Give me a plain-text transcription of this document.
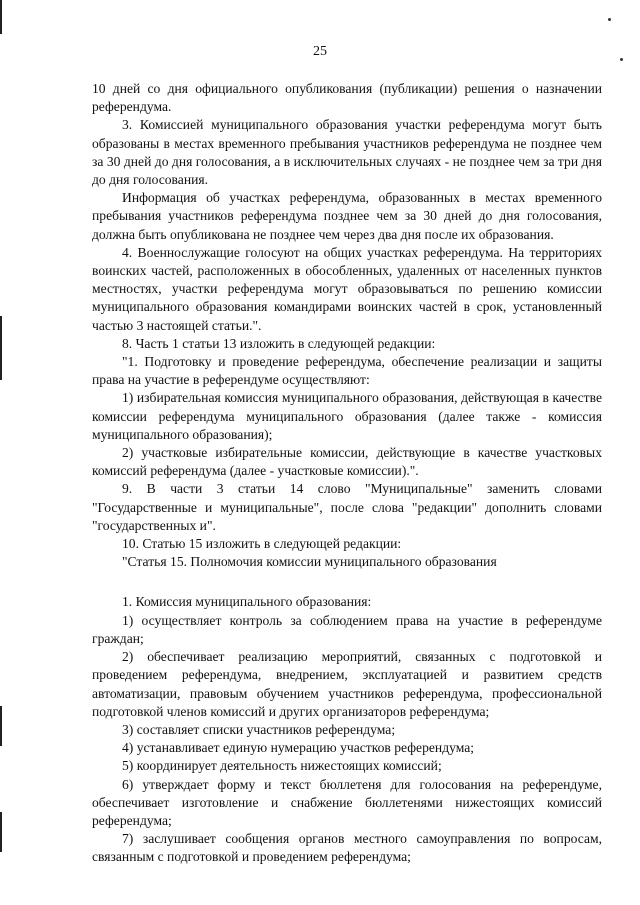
25

10 дней со дня официального опубликования (публикации) решения о назначении референдума.

3. Комиссией муниципального образования участки референдума могут быть образованы в местах временного пребывания участников референдума не позднее чем за 30 дней до дня голосования, а в исключительных случаях - не позднее чем за три дня до дня голосования.

Информация об участках референдума, образованных в местах временного пребывания участников референдума позднее чем за 30 дней до дня голосования, должна быть опубликована не позднее чем через два дня после их образования.

4. Военнослужащие голосуют на общих участках референдума. На территориях воинских частей, расположенных в обособленных, удаленных от населенных пунктов местностях, участки референдума могут образовываться по решению комиссии муниципального образования командирами воинских частей в срок, установленный частью 3 настоящей статьи.".

8. Часть 1 статьи 13 изложить в следующей редакции:

"1. Подготовку и проведение референдума, обеспечение реализации и защиты права на участие в референдуме осуществляют:

1) избирательная комиссия муниципального образования, действующая в качестве комиссии референдума муниципального образования (далее также - комиссия муниципального образования);

2) участковые избирательные комиссии, действующие в качестве участковых комиссий референдума (далее - участковые комиссии).".

9. В части 3 статьи 14 слово "Муниципальные" заменить словами "Государственные и муниципальные", после слова "редакции" дополнить словами "государственных и".

10. Статью 15 изложить в следующей редакции:

"Статья 15. Полномочия комиссии муниципального образования

1. Комиссия муниципального образования:

1) осуществляет контроль за соблюдением права на участие в референдуме граждан;

2) обеспечивает реализацию мероприятий, связанных с подготовкой и проведением референдума, внедрением, эксплуатацией и развитием средств автоматизации, правовым обучением участников референдума, профессиональной подготовкой членов комиссий и других организаторов референдума;

3) составляет списки участников референдума;

4) устанавливает единую нумерацию участков референдума;

5) координирует деятельность нижестоящих комиссий;

6) утверждает форму и текст бюллетеня для голосования на референдуме, обеспечивает изготовление и снабжение бюллетенями нижестоящих комиссий референдума;

7) заслушивает сообщения органов местного самоуправления по вопросам, связанным с подготовкой и проведением референдума;
